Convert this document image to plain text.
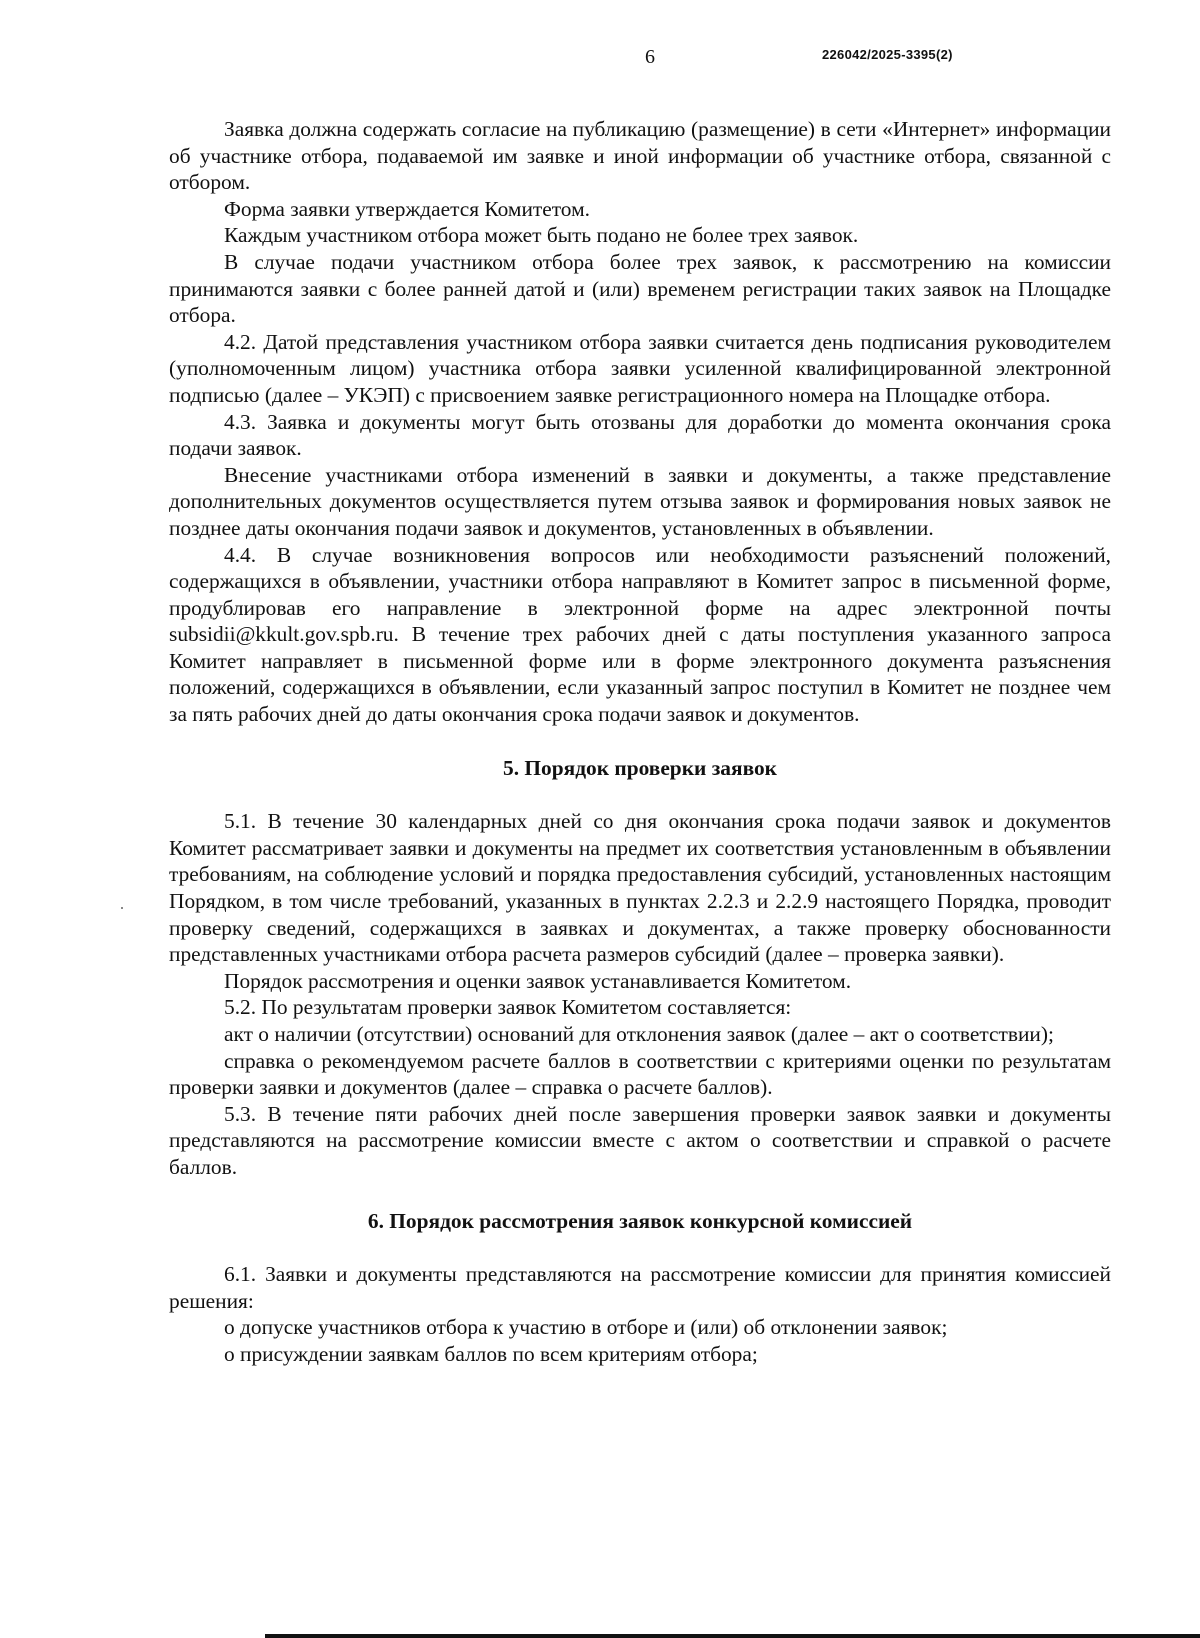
6	226042/2025-3395(2)

Заявка должна содержать согласие на публикацию (размещение) в сети «Интернет» информации об участнике отбора, подаваемой им заявке и иной информации об участнике отбора, связанной с отбором.

Форма заявки утверждается Комитетом.

Каждым участником отбора может быть подано не более трех заявок.

В случае подачи участником отбора более трех заявок, к рассмотрению на комиссии принимаются заявки с более ранней датой и (или) временем регистрации таких заявок на Площадке отбора.

4.2. Датой представления участником отбора заявки считается день подписания руководителем (уполномоченным лицом) участника отбора заявки усиленной квалифицированной электронной подписью (далее – УКЭП) с присвоением заявке регистрационного номера на Площадке отбора.

4.3. Заявка и документы могут быть отозваны для доработки до момента окончания срока подачи заявок.

Внесение участниками отбора изменений в заявки и документы, а также представление дополнительных документов осуществляется путем отзыва заявок и формирования новых заявок не позднее даты окончания подачи заявок и документов, установленных в объявлении.

4.4. В случае возникновения вопросов или необходимости разъяснений положений, содержащихся в объявлении, участники отбора направляют в Комитет запрос в письменной форме, продублировав его направление в электронной форме на адрес электронной почты subsidii@kkult.gov.spb.ru. В течение трех рабочих дней с даты поступления указанного запроса Комитет направляет в письменной форме или в форме электронного документа разъяснения положений, содержащихся в объявлении, если указанный запрос поступил в Комитет не позднее чем за пять рабочих дней до даты окончания срока подачи заявок и документов.

5. Порядок проверки заявок

5.1. В течение 30 календарных дней со дня окончания срока подачи заявок и документов Комитет рассматривает заявки и документы на предмет их соответствия установленным в объявлении требованиям, на соблюдение условий и порядка предоставления субсидий, установленных настоящим Порядком, в том числе требований, указанных в пунктах 2.2.3 и 2.2.9 настоящего Порядка, проводит проверку сведений, содержащихся в заявках и документах, а также проверку обоснованности представленных участниками отбора расчета размеров субсидий (далее – проверка заявки).

Порядок рассмотрения и оценки заявок устанавливается Комитетом.

5.2. По результатам проверки заявок Комитетом составляется:

акт о наличии (отсутствии) оснований для отклонения заявок (далее – акт о соответствии);

справка о рекомендуемом расчете баллов в соответствии с критериями оценки по результатам проверки заявки и документов (далее – справка о расчете баллов).

5.3. В течение пяти рабочих дней после завершения проверки заявок заявки и документы представляются на рассмотрение комиссии вместе с актом о соответствии и справкой о расчете баллов.

6. Порядок рассмотрения заявок конкурсной комиссией

6.1. Заявки и документы представляются на рассмотрение комиссии для принятия комиссией решения:

о допуске участников отбора к участию в отборе и (или) об отклонении заявок;

о присуждении заявкам баллов по всем критериям отбора;
